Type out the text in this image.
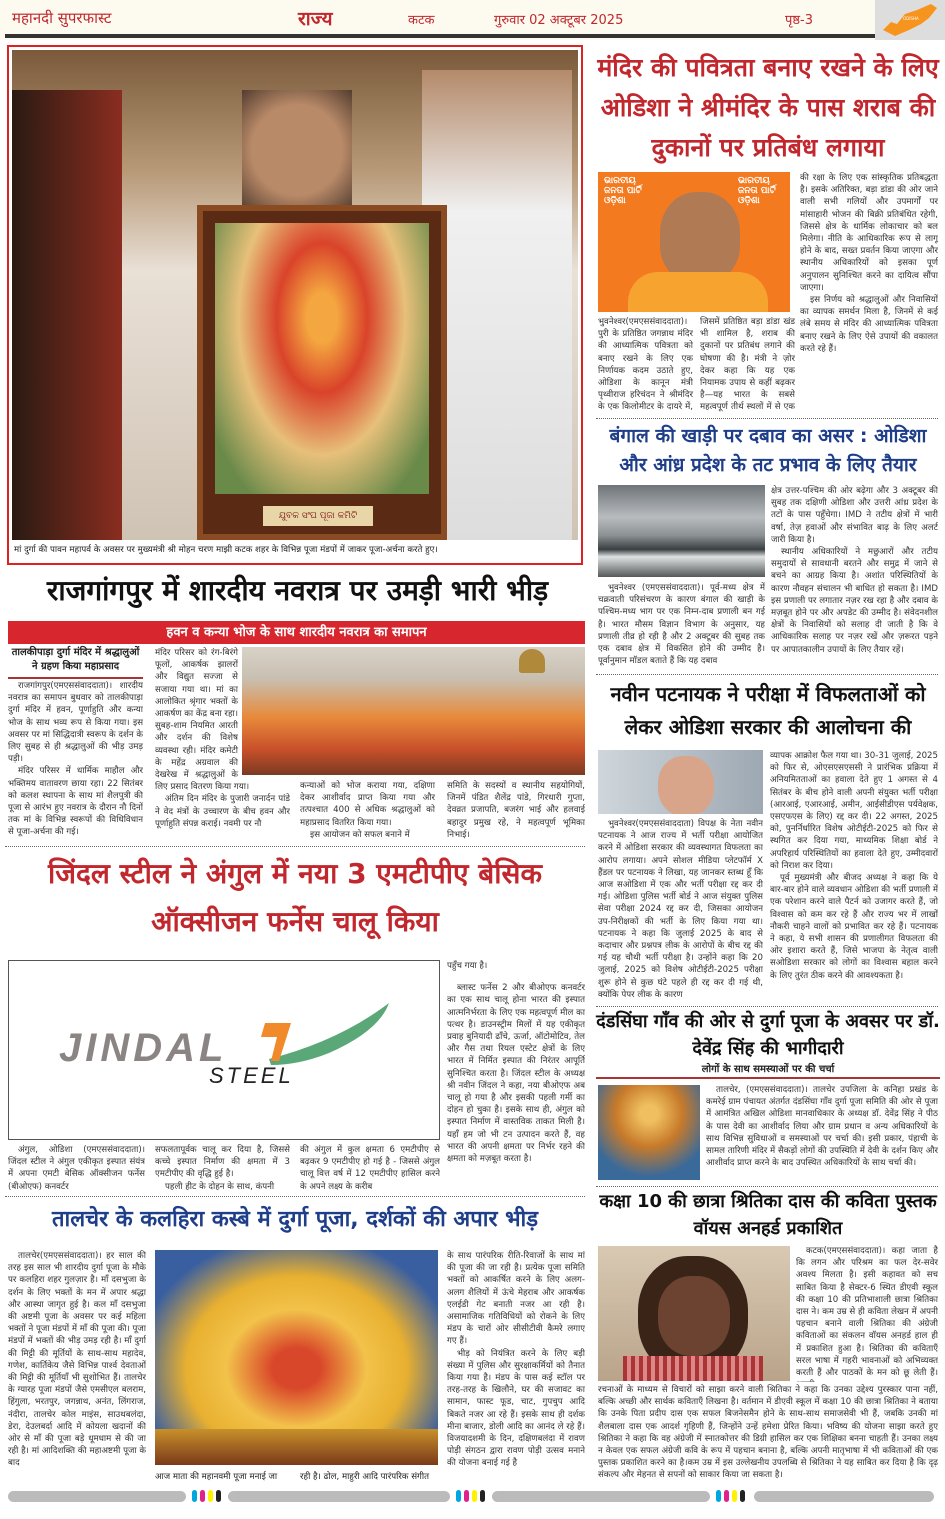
महानदी सुपरफास्ट	राज्य	कटक	गुरुवार 02 अक्टूबर 2025	पृष्ठ-3	ODISHA
ଯୁବକ ସଂଘ ପୂଜା କମିଟି
मां दुर्गा की पावन महापर्व के अवसर पर मुख्यमंत्री श्री मोहन चरण माझी कटक शहर के विभिन्न पूजा मंडपों में जाकर पूजा-अर्चना करते हुए।
मंदिर की पवित्रता बनाए रखने के लिए ओडिशा ने श्रीमंदिर के पास शराब की दुकानों पर प्रतिबंध लगाया
ଭାରତୀୟ ଜନତା ପାର୍ଟି ଓଡ଼ିଶା
ଭାରତୀୟ ଜନତା ପାର୍ଟି ଓଡ଼ିଶା
भुवनेश्वर(एमएससंवाददाता)। पुरी के प्रतिष्ठित जगन्नाथ मंदिर की आध्यात्मिक पवित्रता को बनाए रखने के लिए एक निर्णायक कदम उठाते हुए, ओडिशा के कानून मंत्री पृथ्वीराज हरिचंदन ने श्रीमंदिर के एक किलोमीटर के दायरे में, जिसमें प्रतिष्ठित बड़ा डांडा खंड भी शामिल है, शराब की दुकानों पर प्रतिबंध लगाने की घोषणा की है। मंत्री ने ज़ोर देकर कहा कि यह एक नियामक उपाय से कहीं बढ़कर है—यह भारत के सबसे महत्वपूर्ण तीर्थ स्थलों में से एक

की रक्षा के लिए एक सांस्कृतिक प्रतिबद्धता है। इसके अतिरिक्त, बड़ा डांडा की ओर जाने वाली सभी गलियों और उपमार्गों पर मांसाहारी भोजन की बिक्री प्रतिबंधित रहेगी, जिससे क्षेत्र के धार्मिक लोकाचार को बल मिलेगा। नीति के आधिकारिक रूप से लागू होने के बाद, सख्त प्रवर्तन किया जाएगा और स्थानीय अधिकारियों को इसका पूर्ण अनुपालन सुनिश्चित करने का दायित्व सौंपा जाएगा।

इस निर्णय को श्रद्धालुओं और निवासियों का व्यापक समर्थन मिला है, जिनमें से कई लंबे समय से मंदिर की आध्यात्मिक पवित्रता बनाए रखने के लिए ऐसे उपायों की वकालत करते रहे हैं।

बंगाल की खाड़ी पर दबाव का असर : ओडिशा और आंध्र प्रदेश के तट प्रभाव के लिए तैयार

भुवनेश्वर (एमएससंवाददाता)। पूर्व-मध्य क्षेत्र में चक्रवाती परिसंचरण के कारण बंगाल की खाड़ी के पश्चिम-मध्य भाग पर एक निम्न-दाब प्रणाली बन गई है। भारत मौसम विज्ञान विभाग के अनुसार, यह प्रणाली तीव्र हो रही है और 2 अक्टूबर की सुबह तक एक दबाव क्षेत्र में विकसित होने की उम्मीद है। पूर्वानुमान मॉडल बताते हैं कि यह दबाव

क्षेत्र उत्तर-पश्चिम की ओर बढ़ेगा और 3 अक्टूबर की सुबह तक दक्षिणी ओडिशा और उत्तरी आंध्र प्रदेश के तटों के पास पहुँचेगा। IMD ने तटीय क्षेत्रों में भारी वर्षा, तेज़ हवाओं और संभावित बाढ़ के लिए अलर्ट जारी किया है।

स्थानीय अधिकारियों ने मछुआरों और तटीय समुदायों से सावधानी बरतने और समुद्र में जाने से बचने का आग्रह किया है। अशांत परिस्थितियों के कारण नौवहन संचालन भी बाधित हो सकता है। IMD इस प्रणाली पर लगातार नज़र रख रहा है और दबाव के मज़बूत होने पर और अपडेट की उम्मीद है। संवेदनशील क्षेत्रों के निवासियों को सलाह दी जाती है कि वे आधिकारिक सलाह पर नज़र रखें और ज़रूरत पड़ने पर आपातकालीन उपायों के लिए तैयार रहें।

नवीन पटनायक ने परीक्षा में विफलताओं को लेकर ओडिशा सरकार की आलोचना की

भुवनेश्वर(एमएससंवाददाता) विपक्ष के नेता नवीन पटनायक ने आज राज्य में भर्ती परीक्षा आयोजित करने में ओडिशा सरकार की व्यवस्थागत विफलता का आरोप लगाया। अपने सोशल मीडिया प्लेटफॉर्म X हैंडल पर पटनायक ने लिखा, यह जानकर स्तब्ध हूँ कि आज सओडिशा में एक और भर्ती परीक्षा रद्द कर दी गई। ओडिशा पुलिस भर्ती बोर्ड ने आज संयुक्त पुलिस सेवा परीक्षा 2024 रद्द कर दी, जिसका आयोजन उप-निरीक्षकों की भर्ती के लिए किया गया था। पटनायक ने कहा कि जुलाई 2025 के बाद से कदाचार और प्रश्नपत्र लीक के आरोपों के बीच रद्द की गई यह चौथी भर्ती परीक्षा है। उन्होंने कहा कि 20 जुलाई, 2025 को विशेष ओटीईटी-2025 परीक्षा शुरू होने से कुछ घंटे पहले ही रद्द कर दी गई थी, क्योंकि पेपर लीक के कारण

व्यापक आक्रोश फैल गया था। 30-31 जुलाई, 2025 को फिर से, ओएसएसएससी ने प्रारंभिक प्रक्रिया में अनियमितताओं का हवाला देते हुए 1 अगस्त से 4 सितंबर के बीच होने वाली अपनी संयुक्त भर्ती परीक्षा (आरआई, एआरआई, अमीन, आईसीडीएस पर्यवेक्षक, एसएफएस के लिए) रद्द कर दी। 22 अगस्त, 2025 को, पुनर्निर्धारित विशेष ओटीईटी-2025 को फिर से स्थगित कर दिया गया, माध्यमिक शिक्षा बोर्ड ने अपरिहार्य परिस्थितियों का हवाला देते हुए, उम्मीदवारों को निराश कर दिया।

पूर्व मुख्यमंत्री और बीजद अध्यक्ष ने कहा कि ये बार-बार होने वाले व्यवधान ओडिशा की भर्ती प्रणाली में एक परेशान करने वाले पैटर्न को उजागर करते हैं, जो विश्वास को कम कर रहे हैं और राज्य भर में लाखों नौकरी चाहने वालों को प्रभावित कर रहे हैं। पटनायक ने कहा, ये सभी शासन की प्रणालीगत विफलता की ओर इशारा करते हैं, जिसे भाजपा के नेतृत्व वाली सओडिशा सरकार को लोगों का विश्वास बहाल करने के लिए तुरंत ठीक करने की आवश्यकता है।

दंडसिंघा गाँव की ओर से दुर्गा पूजा के अवसर पर डॉ. देवेंद्र सिंह की भागीदारी
लोगों के साथ समस्याओं पर की चर्चा

तालचेर, (एमएससंवाददाता)। तालचेर उपजिला के कनिहा प्रखंड के कमरेई ग्राम पंचायत अंतर्गत दंडसिंघा गाँव दुर्गा पूजा समिति की ओर से पूजा में आमंत्रित अखिल ओडिशा मानवाधिकार के अध्यक्ष डॉ. देवेंद्र सिंह ने पीठ के पास देवी का आशीर्वाद लिया और ग्राम प्रधान व अन्य अधिकारियों के साथ विभिन्न सुविधाओं व समस्याओं पर चर्चा की। इसी प्रकार, पंहाची के सामल तारिणी मंदिर में सैकड़ों लोगों की उपस्थिति में देवी के दर्शन किए और आशीर्वाद प्राप्त करने के बाद उपस्थित अधिकारियों के साथ चर्चा की।

कक्षा 10 की छात्रा श्रितिका दास की कविता पुस्तक वॉयस अनहर्ड प्रकाशित

कटक(एमएससंवाददाता)। कहा जाता है कि लगन और परिश्रम का फल देर-सवेर अवश्य मिलता है। इसी कहावत को सच साबित किया है सेक्टर-6 स्थित डीएवी स्कूल की कक्षा 10 की प्रतिभाशाली छात्रा श्रितिका दास ने। कम उम्र से ही कविता लेखन में अपनी पहचान बनाने वाली श्रितिका की अंग्रेजी कविताओं का संकलन वॉयस अनहर्ड हाल ही में प्रकाशित हुआ है। श्रितिका की कविताएँ सरल भाषा में गहरी भावनाओं को अभिव्यक्त करती हैं और पाठकों के मन को छू लेती हैं।

रचनाओं के माध्यम से विचारों को साझा करने वाली श्रितिका ने कहा कि उनका उद्देश्य पुरस्कार पाना नहीं, बल्कि अच्छी और सार्थक कविताएँ लिखना है। वर्तमान में डीएवी स्कूल में कक्षा 10 की छात्रा श्रितिका ने बताया कि उनके पिता प्रदीप दास एक सफल बिजनेसमैन होने के साथ-साथ समाजसेवी भी हैं, जबकि उनकी मां शैलबाला दास एक आदर्श गृहिणी हैं, जिन्होंने उन्हें हमेशा प्रेरित किया। भविष्य की योजना साझा करते हुए श्रितिका ने कहा कि वह अंग्रेजी में स्नातकोत्तर की डिग्री हासिल कर एक शिक्षिका बनना चाहती हैं। उनका लक्ष्य न केवल एक सफल अंग्रेजी कवि के रूप में पहचान बनाना है, बल्कि अपनी मातृभाषा में भी कविताओं की एक पुस्तक प्रकाशित करने का है।कम उम्र में इस उल्लेखनीय उपलब्धि से श्रितिका ने यह साबित कर दिया है कि दृढ़ संकल्प और मेहनत से सपनों को साकार किया जा सकता है।
राजगांगपुर में शारदीय नवरात्र पर उमड़ी भारी भीड़
हवन व कन्या भोज के साथ शारदीय नवरात्र का समापन
तालकीपाड़ा दुर्गा मंदिर में श्रद्धालुओं ने ग्रहण किया महाप्रसाद

राजगांगपुर(एमएससंवाददाता)। शारदीय नवरात्र का समापन बुधवार को तालकीपाड़ा दुर्गा मंदिर में हवन, पूर्णाहुति और कन्या भोज के साथ भव्य रूप से किया गया। इस अवसर पर मां सिद्धिदात्री स्वरूप के दर्शन के लिए सुबह से ही श्रद्धालुओं की भीड़ उमड़ पड़ी।

मंदिर परिसर में धार्मिक माहौल और भक्तिमय वातावरण छाया रहा। 22 सितंबर को कलश स्थापना के साथ मां शैलपुत्री की पूजा से आरंभ हुए नवरात्र के दौरान नौ दिनों तक मां के विभिन्न स्वरूपों की विधिविधान से पूजा-अर्चना की गई।

मंदिर परिसर को रंग-बिरंगे फूलों, आकर्षक झालरों और विद्युत सज्जा से सजाया गया था। मां का आलोकित श्रृंगार भक्तों के आकर्षण का केंद्र बना रहा। सुबह-शाम नियमित आरती और दर्शन की विशेष व्यवस्था रही। मंदिर कमेटी के महेंद्र अग्रवाल की देखरेख में श्रद्धालुओं के लिए प्रसाद वितरण किया गया।

अंतिम दिन मंदिर के पुजारी जनार्दन पांडे ने वेद मंत्रों के उच्चारण के बीच हवन और पूर्णाहुति संपन्न कराई। नवमी पर नौ

कन्याओं को भोज कराया गया, दक्षिणा देकर आशीर्वाद प्राप्त किया गया और तत्पश्चात 400 से अधिक श्रद्धालुओं को महाप्रसाद वितरित किया गया।

इस आयोजन को सफल बनाने में

समिति के सदस्यों व स्थानीय सहयोगियों, जिनमें पंडित शैलेंद्र पांडे, गिरधारी गुप्ता, देवव्रत प्रजापति, बजरंग भाई और हलवाई बहादुर प्रमुख रहे, ने महत्वपूर्ण भूमिका निभाई।
जिंदल स्टील ने अंगुल में नया 3 एमटीपीए बेसिक ऑक्सीजन फर्नेस चालू किया
JINDAL
STEEL

अंगुल, ओडिशा (एमएससंवाददाता)। जिंदल स्टील ने अंगुल एकीकृत इस्पात संयंत्र में अपना एमटी बेसिक ऑक्सीजन फर्नेस (बीओएफ) कनवर्टर

सफलतापूर्वक चालू कर दिया है, जिससे कच्चे इस्पात निर्माण की क्षमता में 3 एमटीपीए की वृद्धि हुई है।

पहली हीट के दोहन के साथ, कंपनी

की अंगुल में कुल क्षमता 6 एमटीपीए से बढ़कर 9 एमटीपीए हो गई है - जिससे अंगुल चालू वित्त वर्ष में 12 एमटीपीए हासिल करने के अपने लक्ष्य के करीब

पहुँच गया है।

ब्लास्ट फर्नेस 2 और बीओएफ कनवर्टर का एक साथ चालू होना भारत की इस्पात आत्मनिर्भरता के लिए एक महत्वपूर्ण मील का पत्थर है। डाउनस्ट्रीम मिलों में यह एकीकृत प्रवाह बुनियादी ढाँचे, ऊर्जा, ऑटोमोटिव, तेल और गैस तथा रियल एस्टेट क्षेत्रों के लिए भारत में निर्मित इस्पात की निरंतर आपूर्ति सुनिश्चित करता है। जिंदल स्टील के अध्यक्ष श्री नवीन जिंदल ने कहा, नया बीओएफ अब चालू हो गया है और इसकी पहली गर्मी का दोहन हो चुका है। इसके साथ ही, अंगुल को इस्पात निर्माण में वास्तविक ताकत मिली है। यहाँ हम जो भी टन उत्पादन करते हैं, वह भारत की अपनी क्षमता पर निर्भर रहने की क्षमता को मज़बूत करता है।

तालचेर के कलहिरा कस्बे में दुर्गा पूजा, दर्शकों की अपार भीड़

तालचेर(एमएससंवाददाता)। हर साल की तरह इस साल भी शारदीय दुर्गा पूजा के मौके पर कलहिरा शहर गुलज़ार है। माँ दसभुजा के दर्शन के लिए भक्तों के मन में अपार श्रद्धा और आस्था जागृत हुई है। कल माँ दसभुजा की अष्टमी पूजा के अवसर पर कई महिला भक्तों ने पूजा मंडपों में माँ की पूजा की। पूजा मंडपों में भक्तों की भीड़ उमड़ रही है। माँ दुर्गा की मिट्टी की मूर्तियों के साथ-साथ महादेव, गणेश, कार्तिकेय जैसे विभिन्न पार्श्व देवताओं की मिट्टी की मूर्तियाँ भी सुशोभित हैं। तालचेर के ग्यारह पूजा मंडपों जैसे एमसीएल बलराम, हिंगुला, भरतपुर, जगन्नाथ, अनंत, लिंगराज, नंदीरा, तालचेर कोल माइंस, साउथबलंदा, डेरा, देउलबर्दा आदि में कोयला खदानों की ओर से माँ की पूजा बड़े धूमधाम से की जा रही है। मां आदिशक्ति की महाअष्टमी पूजा के बाद

आज माता की महानवमी पूजा मनाई जा	रही है। ढोल, माहुरी आदि पारंपरिक संगीत

के साथ पारंपरिक रीति-रिवाजों के साथ मां की पूजा की जा रही है। प्रत्येक पूजा समिति भक्तों को आकर्षित करने के लिए अलग-अलग शैलियों में ऊंचे मेहराब और आकर्षक एलईडी गेट बनाती नजर आ रही है। असामाजिक गतिविधियों को रोकने के लिए मंडप के चारों ओर सीसीटीवी कैमरे लगाए गए हैं।

भीड़ को नियंत्रित करने के लिए बड़ी संख्या में पुलिस और सुरक्षाकर्मियों को तैनात किया गया है। मंडप के पास कई स्टॉल पर तरह-तरह के खिलौने, घर की सजावट का सामान, फास्ट फूड, चाट, गुपचुप आदि बिकते नजर आ रहे हैं। इसके साथ ही दर्शक मीना बाजार, डोली आदि का आनंद ले रहे हैं। विजयादशमी के दिन, दक्षिणबलंदा में रावण पोड़ी संगठन द्वारा रावण पोड़ी उत्सव मनाने की योजना बनाई गई है
